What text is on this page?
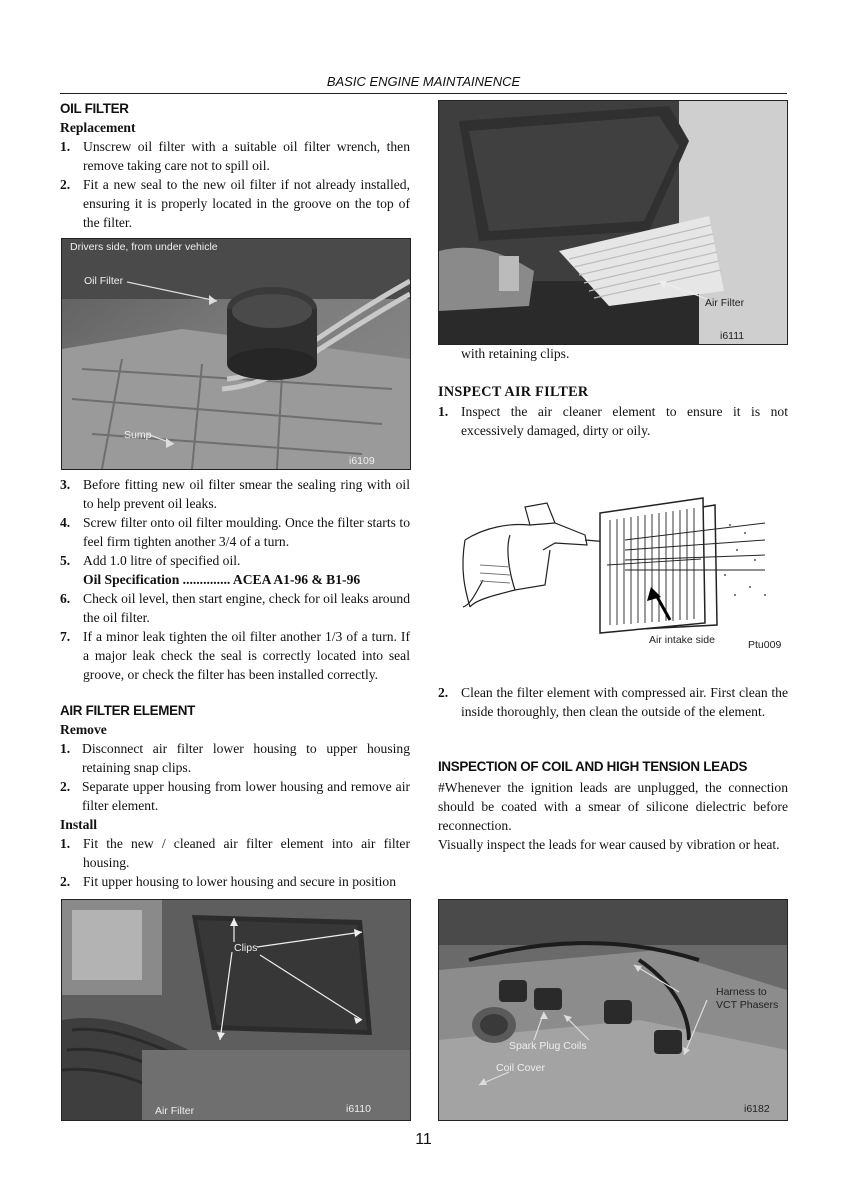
BASIC ENGINE MAINTAINENCE

OIL FILTER

Replacement

1. Unscrew oil filter with a suitable oil filter wrench, then remove taking care not to spill oil.
2. Fit a new seal to the new oil filter if not already installed, ensuring it is properly located in the groove on the top of the filter.
Drivers side, from under vehicle
Oil Filter
Sump
i6109
3. Before fitting new oil filter smear the sealing ring with oil to help prevent oil leaks.
4. Screw filter onto oil filter moulding. Once the filter starts to feel firm tighten another 3/4 of a turn.
5. Add 1.0 litre of specified oil.

Oil Specification .............. ACEA A1-96 & B1-96

6. Check oil level, then start engine, check for oil leaks around the oil filter.
7. If a minor leak tighten the oil filter another 1/3 of a turn. If a major leak check the seal is correctly located into seal groove, or check the filter has been installed correctly.

AIR FILTER ELEMENT

Remove

1. Disconnect air filter lower housing to upper housing retaining snap clips.
2. Separate upper housing from lower housing and remove air filter element.

Install

1. Fit the new / cleaned air filter element into air filter housing.
2. Fit upper housing to lower housing and secure in position
Clips
Air Filter	i6110
Air Filter
i6111

with retaining clips.

INSPECT AIR FILTER

1. Inspect the air cleaner element to ensure it is not excessively damaged, dirty or oily.
Air intake side	Ptu009
2. Clean the filter element with compressed air. First clean the inside thoroughly, then clean the outside of the element.

INSPECTION OF COIL AND HIGH TENSION LEADS

#Whenever the ignition leads are unplugged, the connection should be coated with a smear of silicone dielectric before reconnection.

Visually inspect the leads for wear caused by vibration or heat.

Harness to
VCT Phasers
Spark Plug Coils
Coil Cover
i6182
11
